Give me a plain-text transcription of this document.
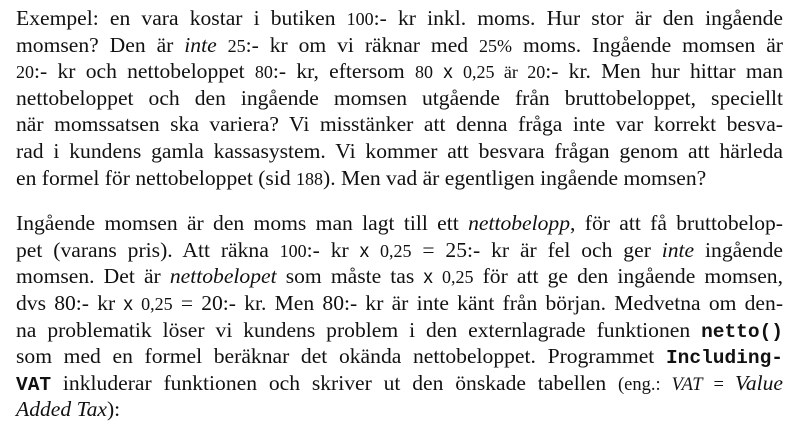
Exempel: en vara kostar i butiken 100:- kr inkl. moms. Hur stor är den ingående
momsen? Den är inte 25:- kr om vi räknar med 25% moms. Ingående momsen är
20:- kr och nettobeloppet 80:- kr, eftersom 80 x 0,25 är 20:- kr. Men hur hittar man
nettobeloppet och den ingående momsen utgående från bruttobeloppet, speciellt
när momssatsen ska variera? Vi misstänker att denna fråga inte var korrekt besva-
rad i kundens gamla kassasystem. Vi kommer att besvara frågan genom att härleda
en formel för nettobeloppet (sid 188). Men vad är egentligen ingående momsen?
Ingående momsen är den moms man lagt till ett nettobelopp, för att få bruttobelop-
pet (varans pris). Att räkna 100:- kr x 0,25 = 25:- kr är fel och ger inte ingående
momsen. Det är nettobelopet som måste tas x 0,25 för att ge den ingående momsen,
dvs 80:- kr x 0,25 = 20:- kr. Men 80:- kr är inte känt från början. Medvetna om den-
na problematik löser vi kundens problem i den externlagrade funktionen netto()
som med en formel beräknar det okända nettobeloppet. Programmet Including-
VAT inkluderar funktionen och skriver ut den önskade tabellen (eng.: VAT = Value
Added Tax):
